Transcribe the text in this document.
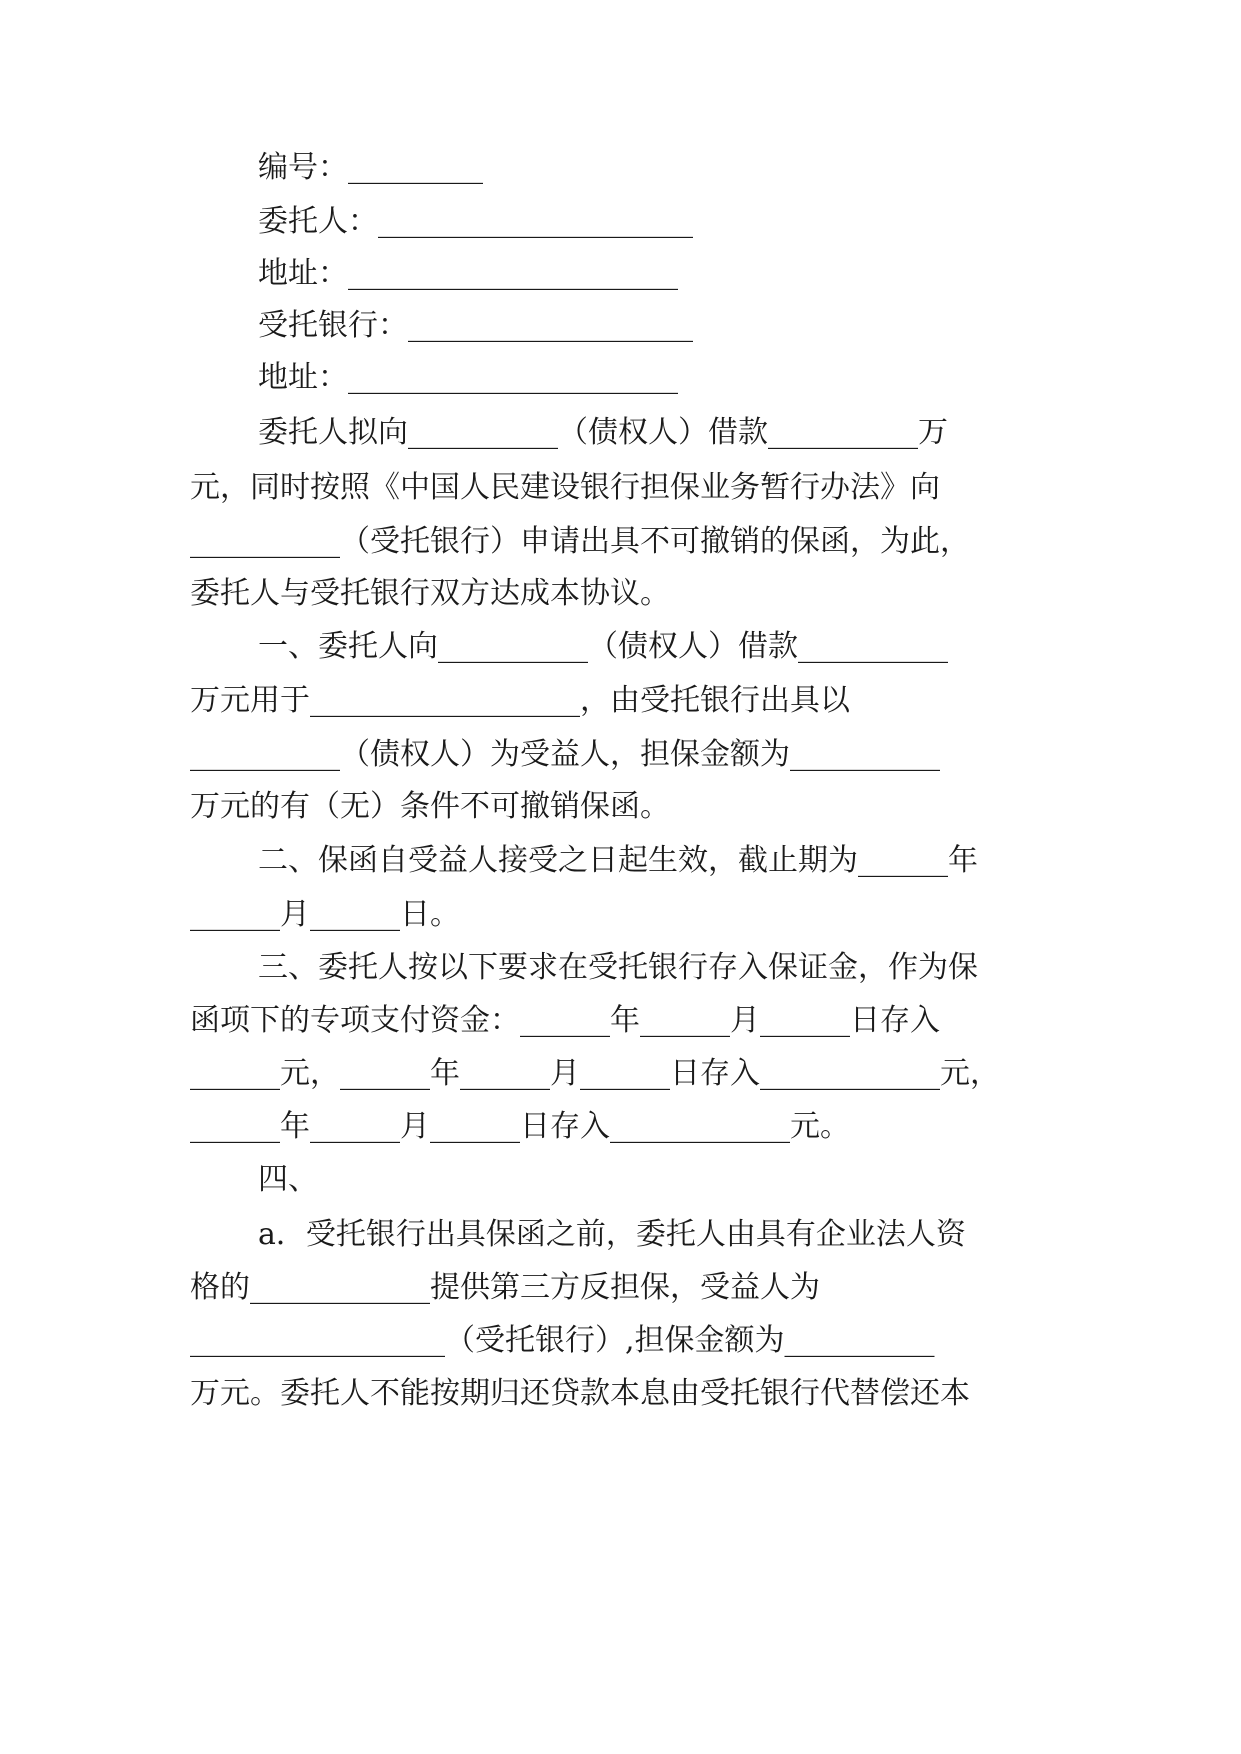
编号：_________

委托人：_____________________

地址：______________________

受托银行：___________________

地址：______________________

委托人拟向__________（债权人）借款__________万

元，同时按照《中国人民建设银行担保业务暂行办法》向

__________（受托银行）申请出具不可撤销的保函，为此，

委托人与受托银行双方达成本协议。

一、委托人向__________（债权人）借款__________

万元用于__________________，由受托银行出具以

__________（债权人）为受益人，担保金额为__________

万元的有（无）条件不可撤销保函。

二、保函自受益人接受之日起生效，截止期为______年

______月______日。

三、委托人按以下要求在受托银行存入保证金，作为保

函项下的专项支付资金：______年______月______日存入

______元，______年______月______日存入____________元，

______年______月______日存入____________元。

四、

a．受托银行出具保函之前，委托人由具有企业法人资

格的____________提供第三方反担保，受益人为

_________________（受托银行）,担保金额为__________

万元。委托人不能按期归还贷款本息由受托银行代替偿还本
